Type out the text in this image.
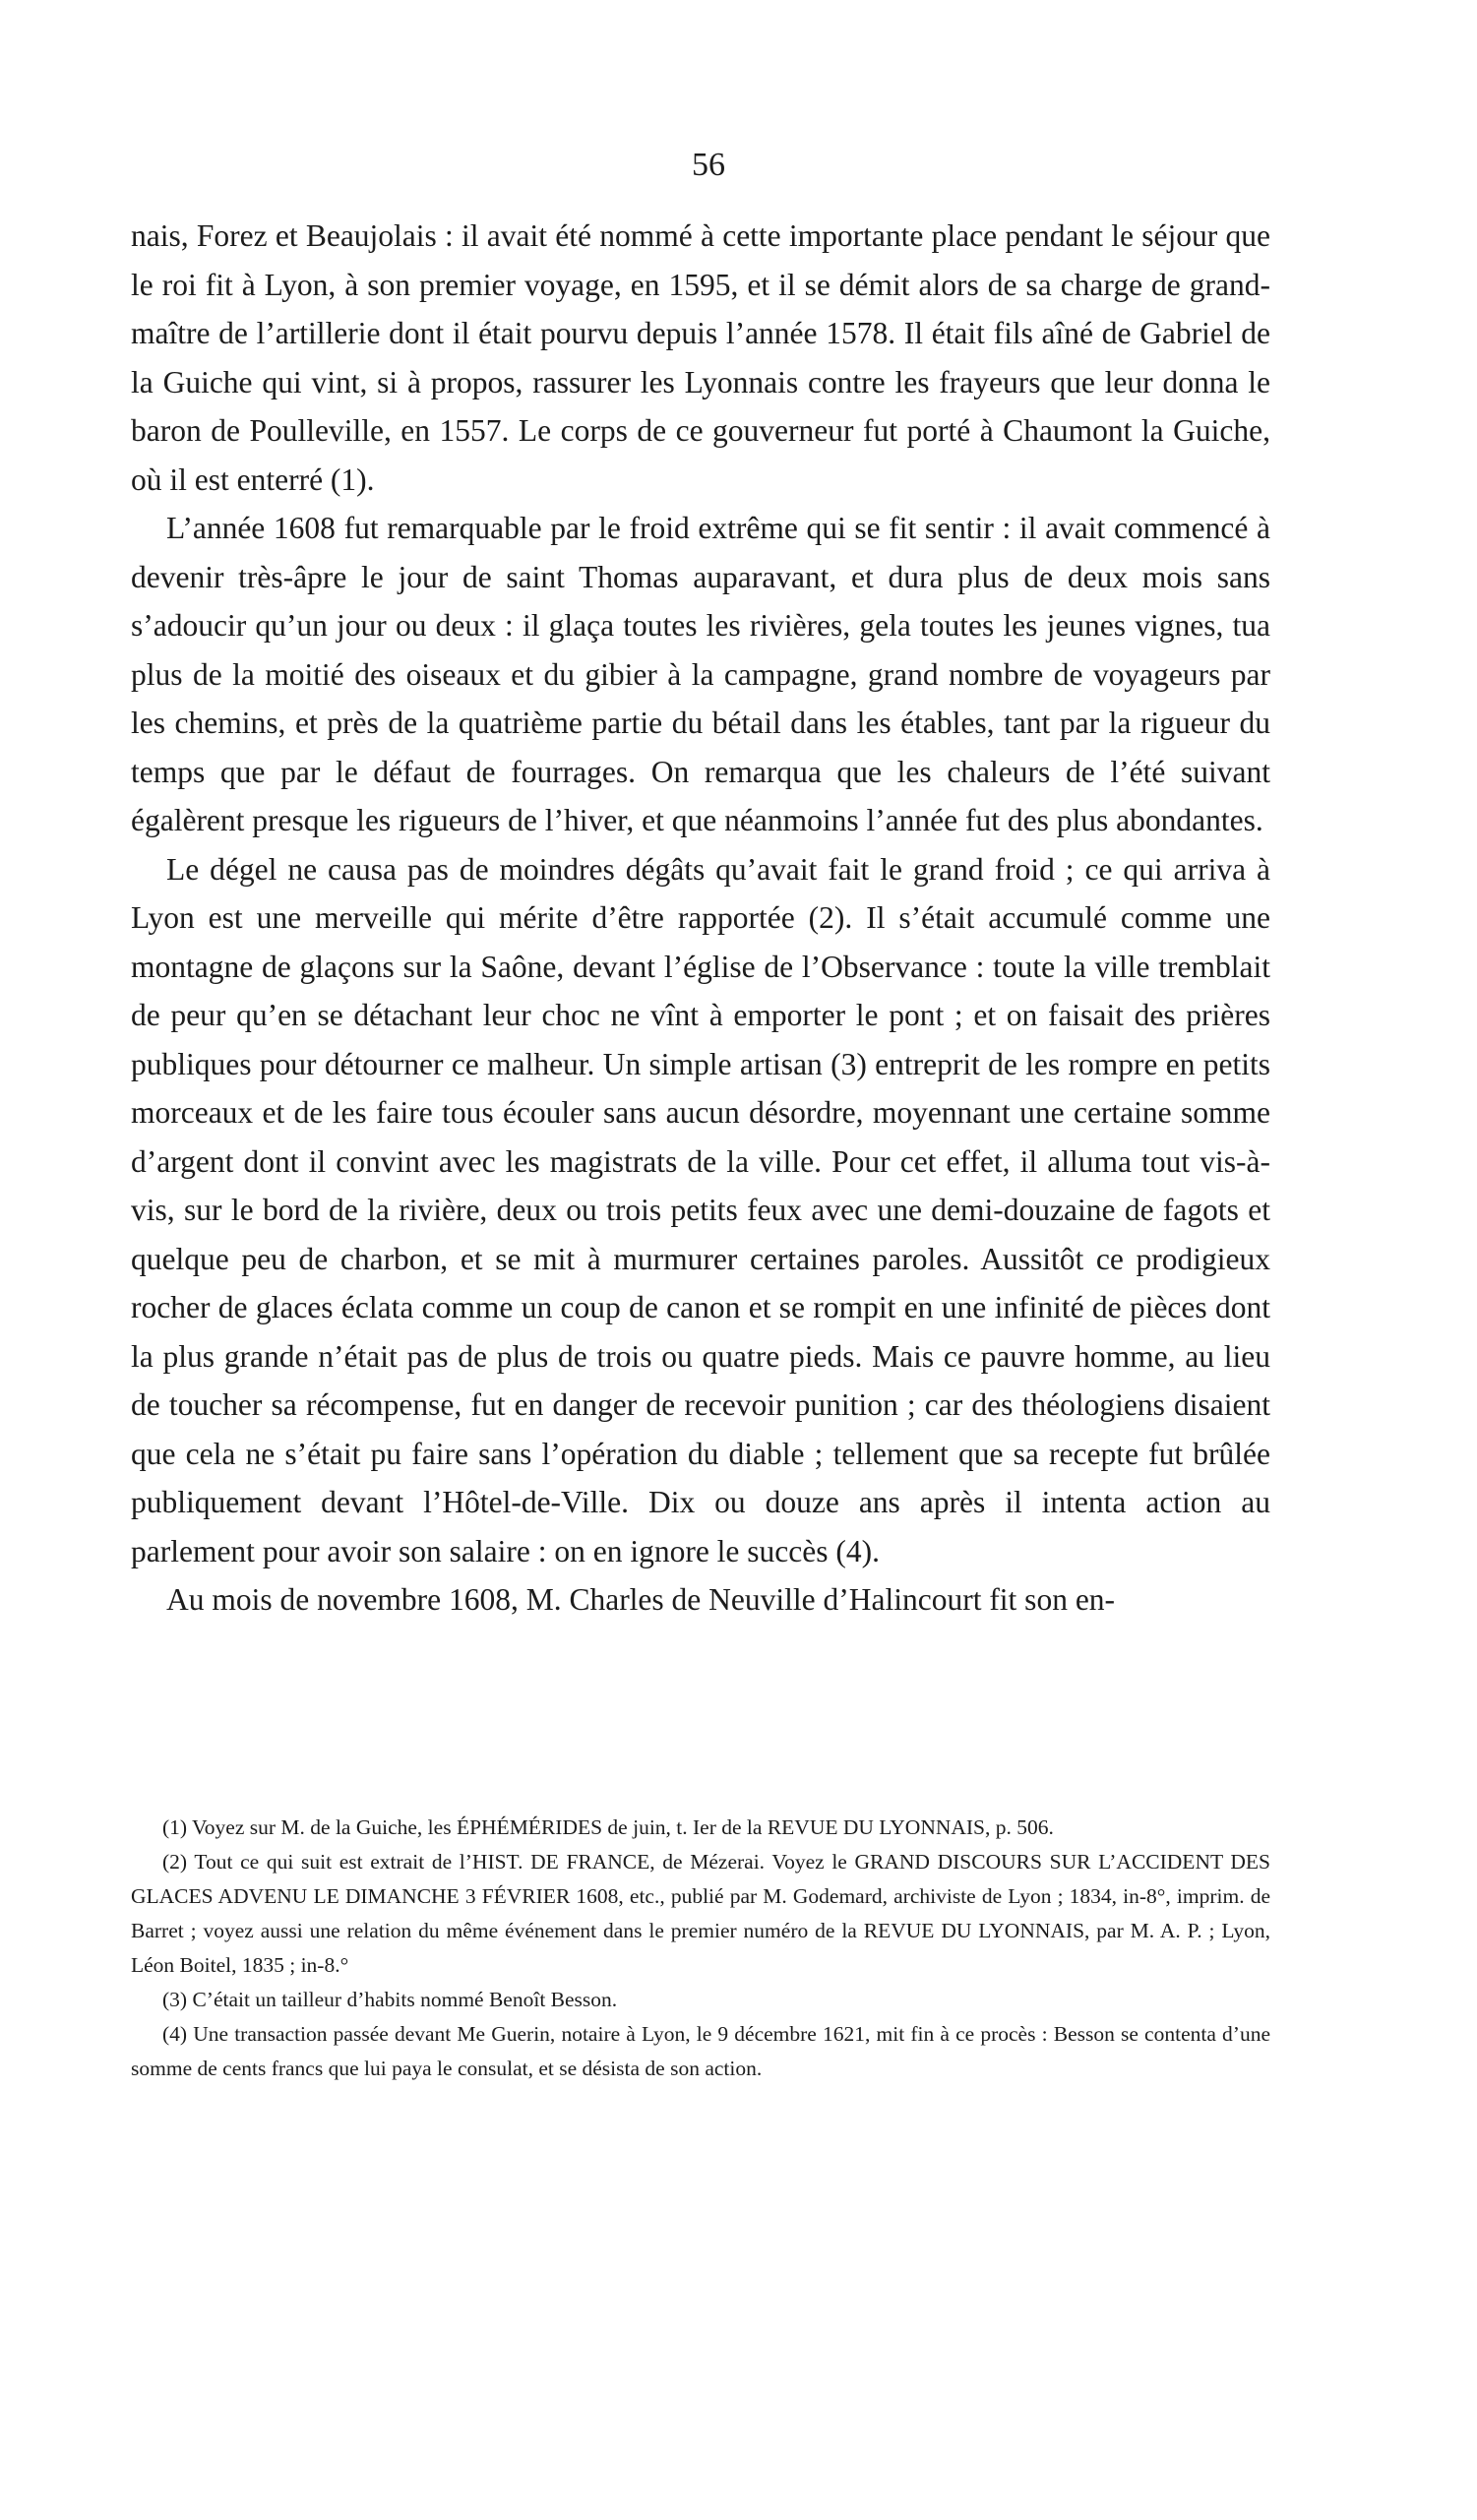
56

nais, Forez et Beaujolais : il avait été nommé à cette importante place pendant le séjour que le roi fit à Lyon, à son premier voyage, en 1595, et il se démit alors de sa charge de grand-maître de l’artillerie dont il était pourvu depuis l’année 1578. Il était fils aîné de Gabriel de la Guiche qui vint, si à propos, rassurer les Lyonnais contre les frayeurs que leur donna le baron de Poulleville, en 1557. Le corps de ce gouverneur fut porté à Chaumont la Guiche, où il est enterré (1).

L’année 1608 fut remarquable par le froid extrême qui se fit sentir : il avait commencé à devenir très-âpre le jour de saint Thomas auparavant, et dura plus de deux mois sans s’adoucir qu’un jour ou deux : il glaça toutes les rivières, gela toutes les jeunes vignes, tua plus de la moitié des oiseaux et du gibier à la campagne, grand nombre de voyageurs par les chemins, et près de la quatrième partie du bétail dans les étables, tant par la rigueur du temps que par le défaut de fourrages. On remarqua que les chaleurs de l’été suivant égalèrent presque les rigueurs de l’hiver, et que néanmoins l’année fut des plus abondantes.

Le dégel ne causa pas de moindres dégâts qu’avait fait le grand froid ; ce qui arriva à Lyon est une merveille qui mérite d’être rapportée (2). Il s’était accumulé comme une montagne de glaçons sur la Saône, devant l’église de l’Observance : toute la ville tremblait de peur qu’en se détachant leur choc ne vînt à emporter le pont ; et on faisait des prières publiques pour détourner ce malheur. Un simple artisan (3) entreprit de les rompre en petits morceaux et de les faire tous écouler sans aucun désordre, moyennant une certaine somme d’argent dont il convint avec les magistrats de la ville. Pour cet effet, il alluma tout vis-à-vis, sur le bord de la rivière, deux ou trois petits feux avec une demi-douzaine de fagots et quelque peu de charbon, et se mit à murmurer certaines paroles. Aussitôt ce prodigieux rocher de glaces éclata comme un coup de canon et se rompit en une infinité de pièces dont la plus grande n’était pas de plus de trois ou quatre pieds. Mais ce pauvre homme, au lieu de toucher sa récompense, fut en danger de recevoir punition ; car des théologiens disaient que cela ne s’était pu faire sans l’opération du diable ; tellement que sa recepte fut brûlée publiquement devant l’Hôtel-de-Ville. Dix ou douze ans après il intenta action au parlement pour avoir son salaire : on en ignore le succès (4).

Au mois de novembre 1608, M. Charles de Neuville d’Halincourt fit son en-

(1) Voyez sur M. de la Guiche, les ÉPHÉMÉRIDES de juin, t. Ier de la REVUE DU LYONNAIS, p. 506.

(2) Tout ce qui suit est extrait de l’HIST. DE FRANCE, de Mézerai. Voyez le GRAND DISCOURS SUR L’ACCIDENT DES GLACES ADVENU LE DIMANCHE 3 FÉVRIER 1608, etc., publié par M. Godemard, archiviste de Lyon ; 1834, in-8°, imprim. de Barret ; voyez aussi une relation du même événement dans le premier numéro de la REVUE DU LYONNAIS, par M. A. P. ; Lyon, Léon Boitel, 1835 ; in-8.°

(3) C’était un tailleur d’habits nommé Benoît Besson.

(4) Une transaction passée devant Me Guerin, notaire à Lyon, le 9 décembre 1621, mit fin à ce procès : Besson se contenta d’une somme de cents francs que lui paya le consulat, et se désista de son action.
